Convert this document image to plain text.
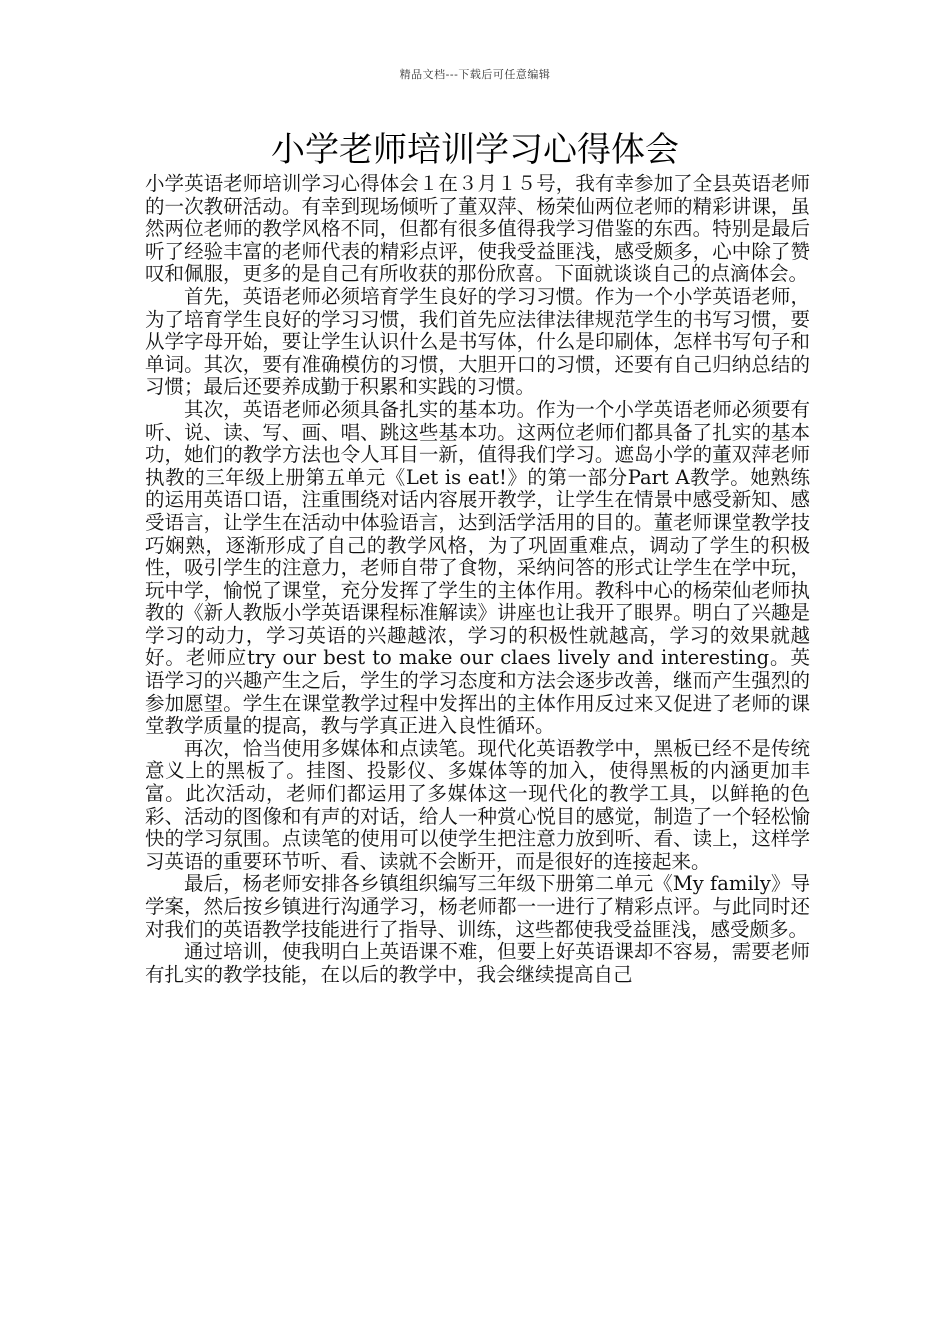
精品文档---下载后可任意编辑
小学老师培训学习心得体会

小学英语老师培训学习心得体会１在３月１５号，我有幸参加了全县英语老师的一次教研活动。有幸到现场倾听了董双萍、杨荣仙两位老师的精彩讲课，虽然两位老师的教学风格不同，但都有很多值得我学习借鉴的东西。特别是最后听了经验丰富的老师代表的精彩点评，使我受益匪浅，感受颇多，心中除了赞叹和佩服，更多的是自己有所收获的那份欣喜。下面就谈谈自己的点滴体会。

首先，英语老师必须培育学生良好的学习习惯。作为一个小学英语老师，为了培育学生良好的学习习惯，我们首先应法律法律规范学生的书写习惯，要从学字母开始，要让学生认识什么是书写体，什么是印刷体，怎样书写句子和单词。其次，要有准确模仿的习惯，大胆开口的习惯，还要有自己归纳总结的习惯；最后还要养成勤于积累和实践的习惯。

其次，英语老师必须具备扎实的基本功。作为一个小学英语老师必须要有听、说、读、写、画、唱、跳这些基本功。这两位老师们都具备了扎实的基本功，她们的教学方法也令人耳目一新，值得我们学习。遮岛小学的董双萍老师执教的三年级上册第五单元《Let is eat!》的第一部分Part A教学。她熟练的运用英语口语，注重围绕对话内容展开教学，让学生在情景中感受新知、感受语言，让学生在活动中体验语言，达到活学活用的目的。董老师课堂教学技巧娴熟，逐渐形成了自己的教学风格，为了巩固重难点，调动了学生的积极性，吸引学生的注意力，老师自带了食物，采纳问答的形式让学生在学中玩，玩中学，愉悦了课堂，充分发挥了学生的主体作用。教科中心的杨荣仙老师执教的《新人教版小学英语课程标准解读》讲座也让我开了眼界。明白了兴趣是学习的动力，学习英语的兴趣越浓，学习的积极性就越高，学习的效果就越好。老师应try our best to make our claes lively and interesting。英语学习的兴趣产生之后，学生的学习态度和方法会逐步改善，继而产生强烈的参加愿望。学生在课堂教学过程中发挥出的主体作用反过来又促进了老师的课堂教学质量的提高，教与学真正进入良性循环。

再次，恰当使用多媒体和点读笔。现代化英语教学中，黑板已经不是传统意义上的黑板了。挂图、投影仪、多媒体等的加入，使得黑板的内涵更加丰富。此次活动，老师们都运用了多媒体这一现代化的教学工具，以鲜艳的色彩、活动的图像和有声的对话，给人一种赏心悦目的感觉，制造了一个轻松愉快的学习氛围。点读笔的使用可以使学生把注意力放到听、看、读上，这样学习英语的重要环节听、看、读就不会断开，而是很好的连接起来。

最后，杨老师安排各乡镇组织编写三年级下册第二单元《My family》导学案，然后按乡镇进行沟通学习，杨老师都一一进行了精彩点评。与此同时还对我们的英语教学技能进行了指导、训练，这些都使我受益匪浅，感受颇多。

通过培训，使我明白上英语课不难，但要上好英语课却不容易，需要老师有扎实的教学技能，在以后的教学中，我会继续提高自己
